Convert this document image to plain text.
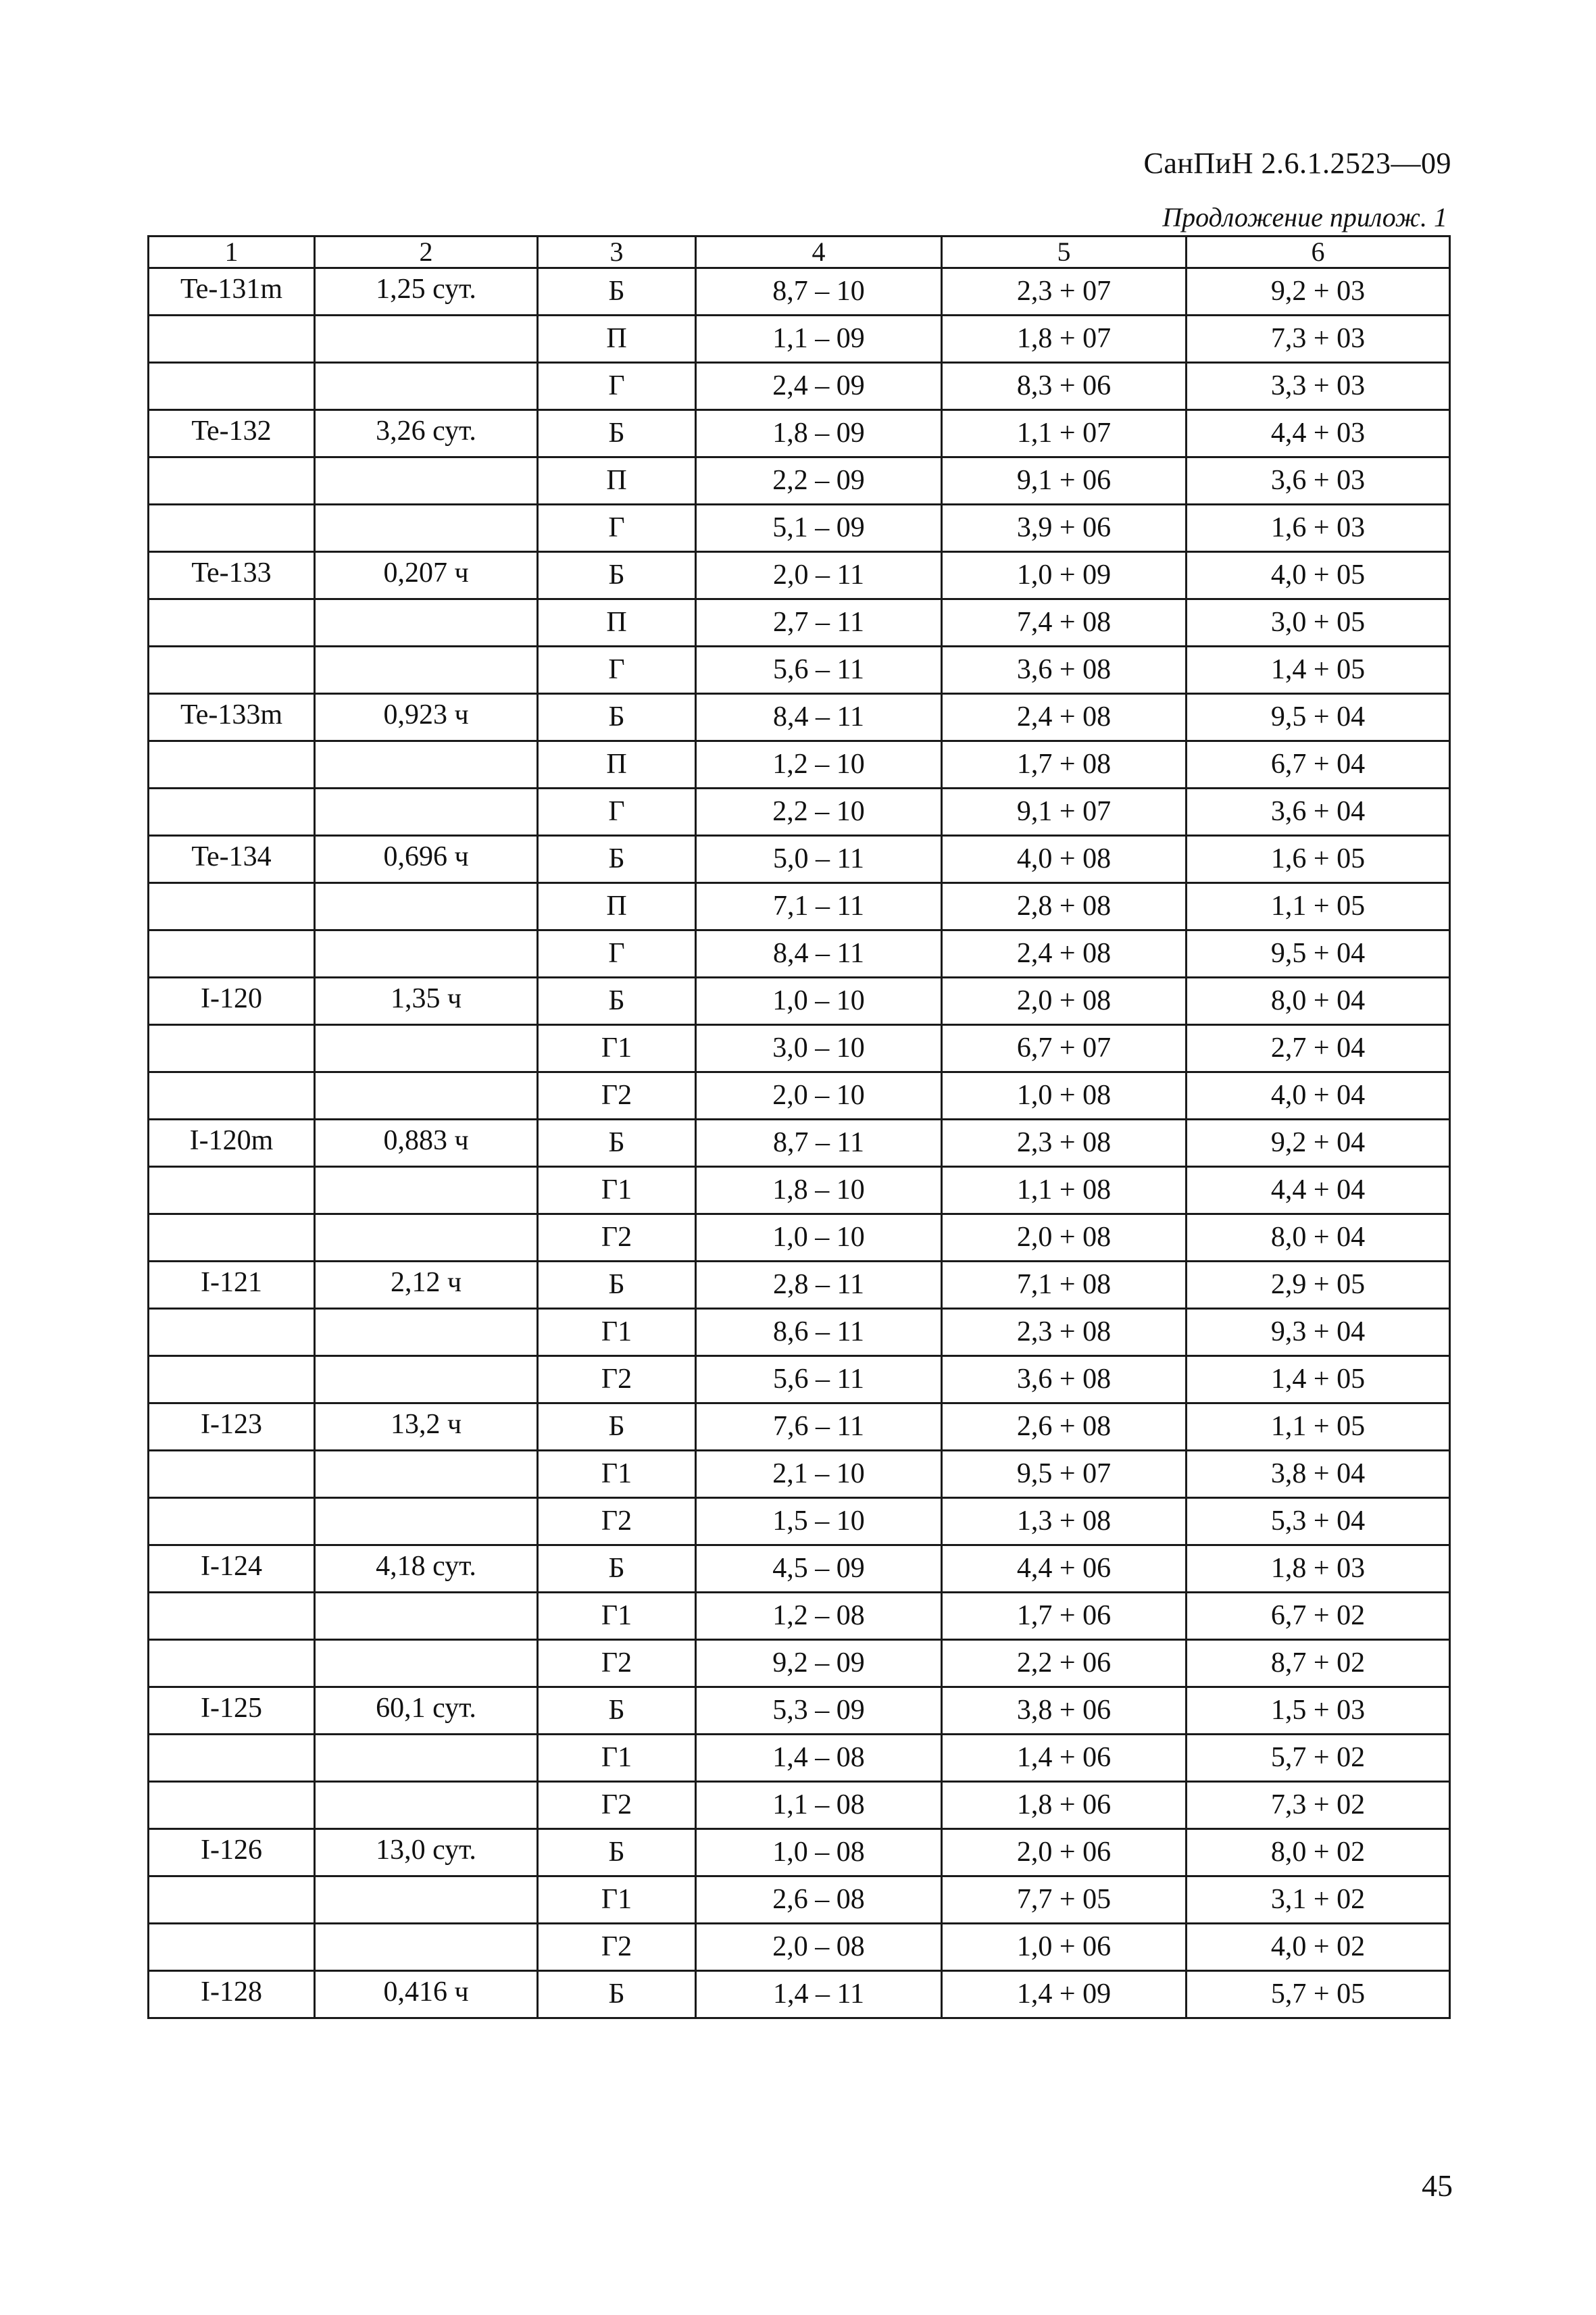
СанПиН 2.6.1.2523—09
Продложение прилож. 1
1	2	3	4	5	6
Te-131m	1,25 сут.	Б	8,7 – 10	2,3 + 07	9,2 + 03
		П	1,1 – 09	1,8 + 07	7,3 + 03
		Г	2,4 – 09	8,3 + 06	3,3 + 03
Te-132	3,26 сут.	Б	1,8 – 09	1,1 + 07	4,4 + 03
		П	2,2 – 09	9,1 + 06	3,6 + 03
		Г	5,1 – 09	3,9 + 06	1,6 + 03
Te-133	0,207 ч	Б	2,0 – 11	1,0 + 09	4,0 + 05
		П	2,7 – 11	7,4 + 08	3,0 + 05
		Г	5,6 – 11	3,6 + 08	1,4 + 05
Te-133m	0,923 ч	Б	8,4 – 11	2,4 + 08	9,5 + 04
		П	1,2 – 10	1,7 + 08	6,7 + 04
		Г	2,2 – 10	9,1 + 07	3,6 + 04
Te-134	0,696 ч	Б	5,0 – 11	4,0 + 08	1,6 + 05
		П	7,1 – 11	2,8 + 08	1,1 + 05
		Г	8,4 – 11	2,4 + 08	9,5 + 04
I-120	1,35 ч	Б	1,0 – 10	2,0 + 08	8,0 + 04
		Г1	3,0 – 10	6,7 + 07	2,7 + 04
		Г2	2,0 – 10	1,0 + 08	4,0 + 04
I-120m	0,883 ч	Б	8,7 – 11	2,3 + 08	9,2 + 04
		Г1	1,8 – 10	1,1 + 08	4,4 + 04
		Г2	1,0 – 10	2,0 + 08	8,0 + 04
I-121	2,12 ч	Б	2,8 – 11	7,1 + 08	2,9 + 05
		Г1	8,6 – 11	2,3 + 08	9,3 + 04
		Г2	5,6 – 11	3,6 + 08	1,4 + 05
I-123	13,2 ч	Б	7,6 – 11	2,6 + 08	1,1 + 05
		Г1	2,1 – 10	9,5 + 07	3,8 + 04
		Г2	1,5 – 10	1,3 + 08	5,3 + 04
I-124	4,18 сут.	Б	4,5 – 09	4,4 + 06	1,8 + 03
		Г1	1,2 – 08	1,7 + 06	6,7 + 02
		Г2	9,2 – 09	2,2 + 06	8,7 + 02
I-125	60,1 сут.	Б	5,3 – 09	3,8 + 06	1,5 + 03
		Г1	1,4 – 08	1,4 + 06	5,7 + 02
		Г2	1,1 – 08	1,8 + 06	7,3 + 02
I-126	13,0 сут.	Б	1,0 – 08	2,0 + 06	8,0 + 02
		Г1	2,6 – 08	7,7 + 05	3,1 + 02
		Г2	2,0 – 08	1,0 + 06	4,0 + 02
I-128	0,416 ч	Б	1,4 – 11	1,4 + 09	5,7 + 05
45
